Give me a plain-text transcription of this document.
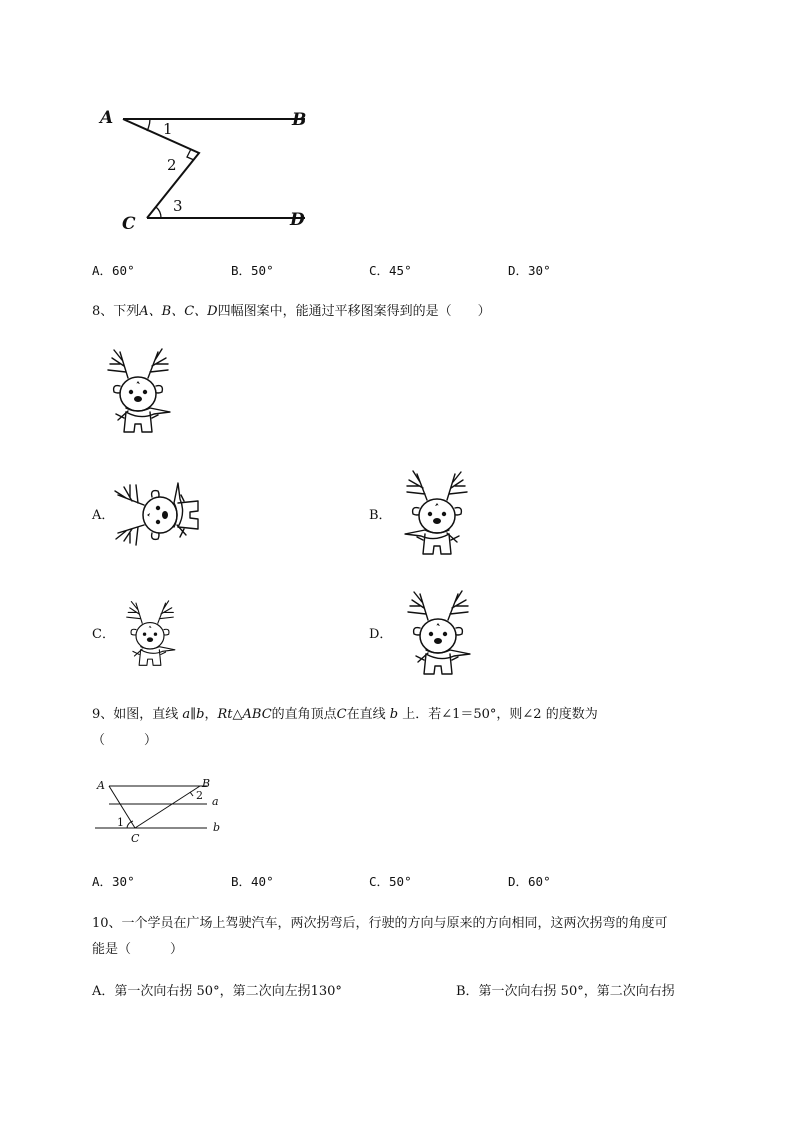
A	B
C	D
1
2
3
A．60°	B．50°	C．45°	D．30°
8、下列A、B、C、D四幅图案中，能通过平移图案得到的是（　　）
A．	B．
C．	D．
9、如图，直线 a∥b，Rt△ABC的直角顶点C在直线 b 上．若∠1＝50°，则∠2 的度数为
（　　　）
A	B
2 a
1	b
C
A．30°	B．40°	C．50°	D．60°
10、一个学员在广场上驾驶汽车，两次拐弯后，行驶的方向与原来的方向相同，这两次拐弯的角度可
能是（　　　）
A．第一次向右拐 50°，第二次向左拐130°	B．第一次向右拐 50°，第二次向右拐
